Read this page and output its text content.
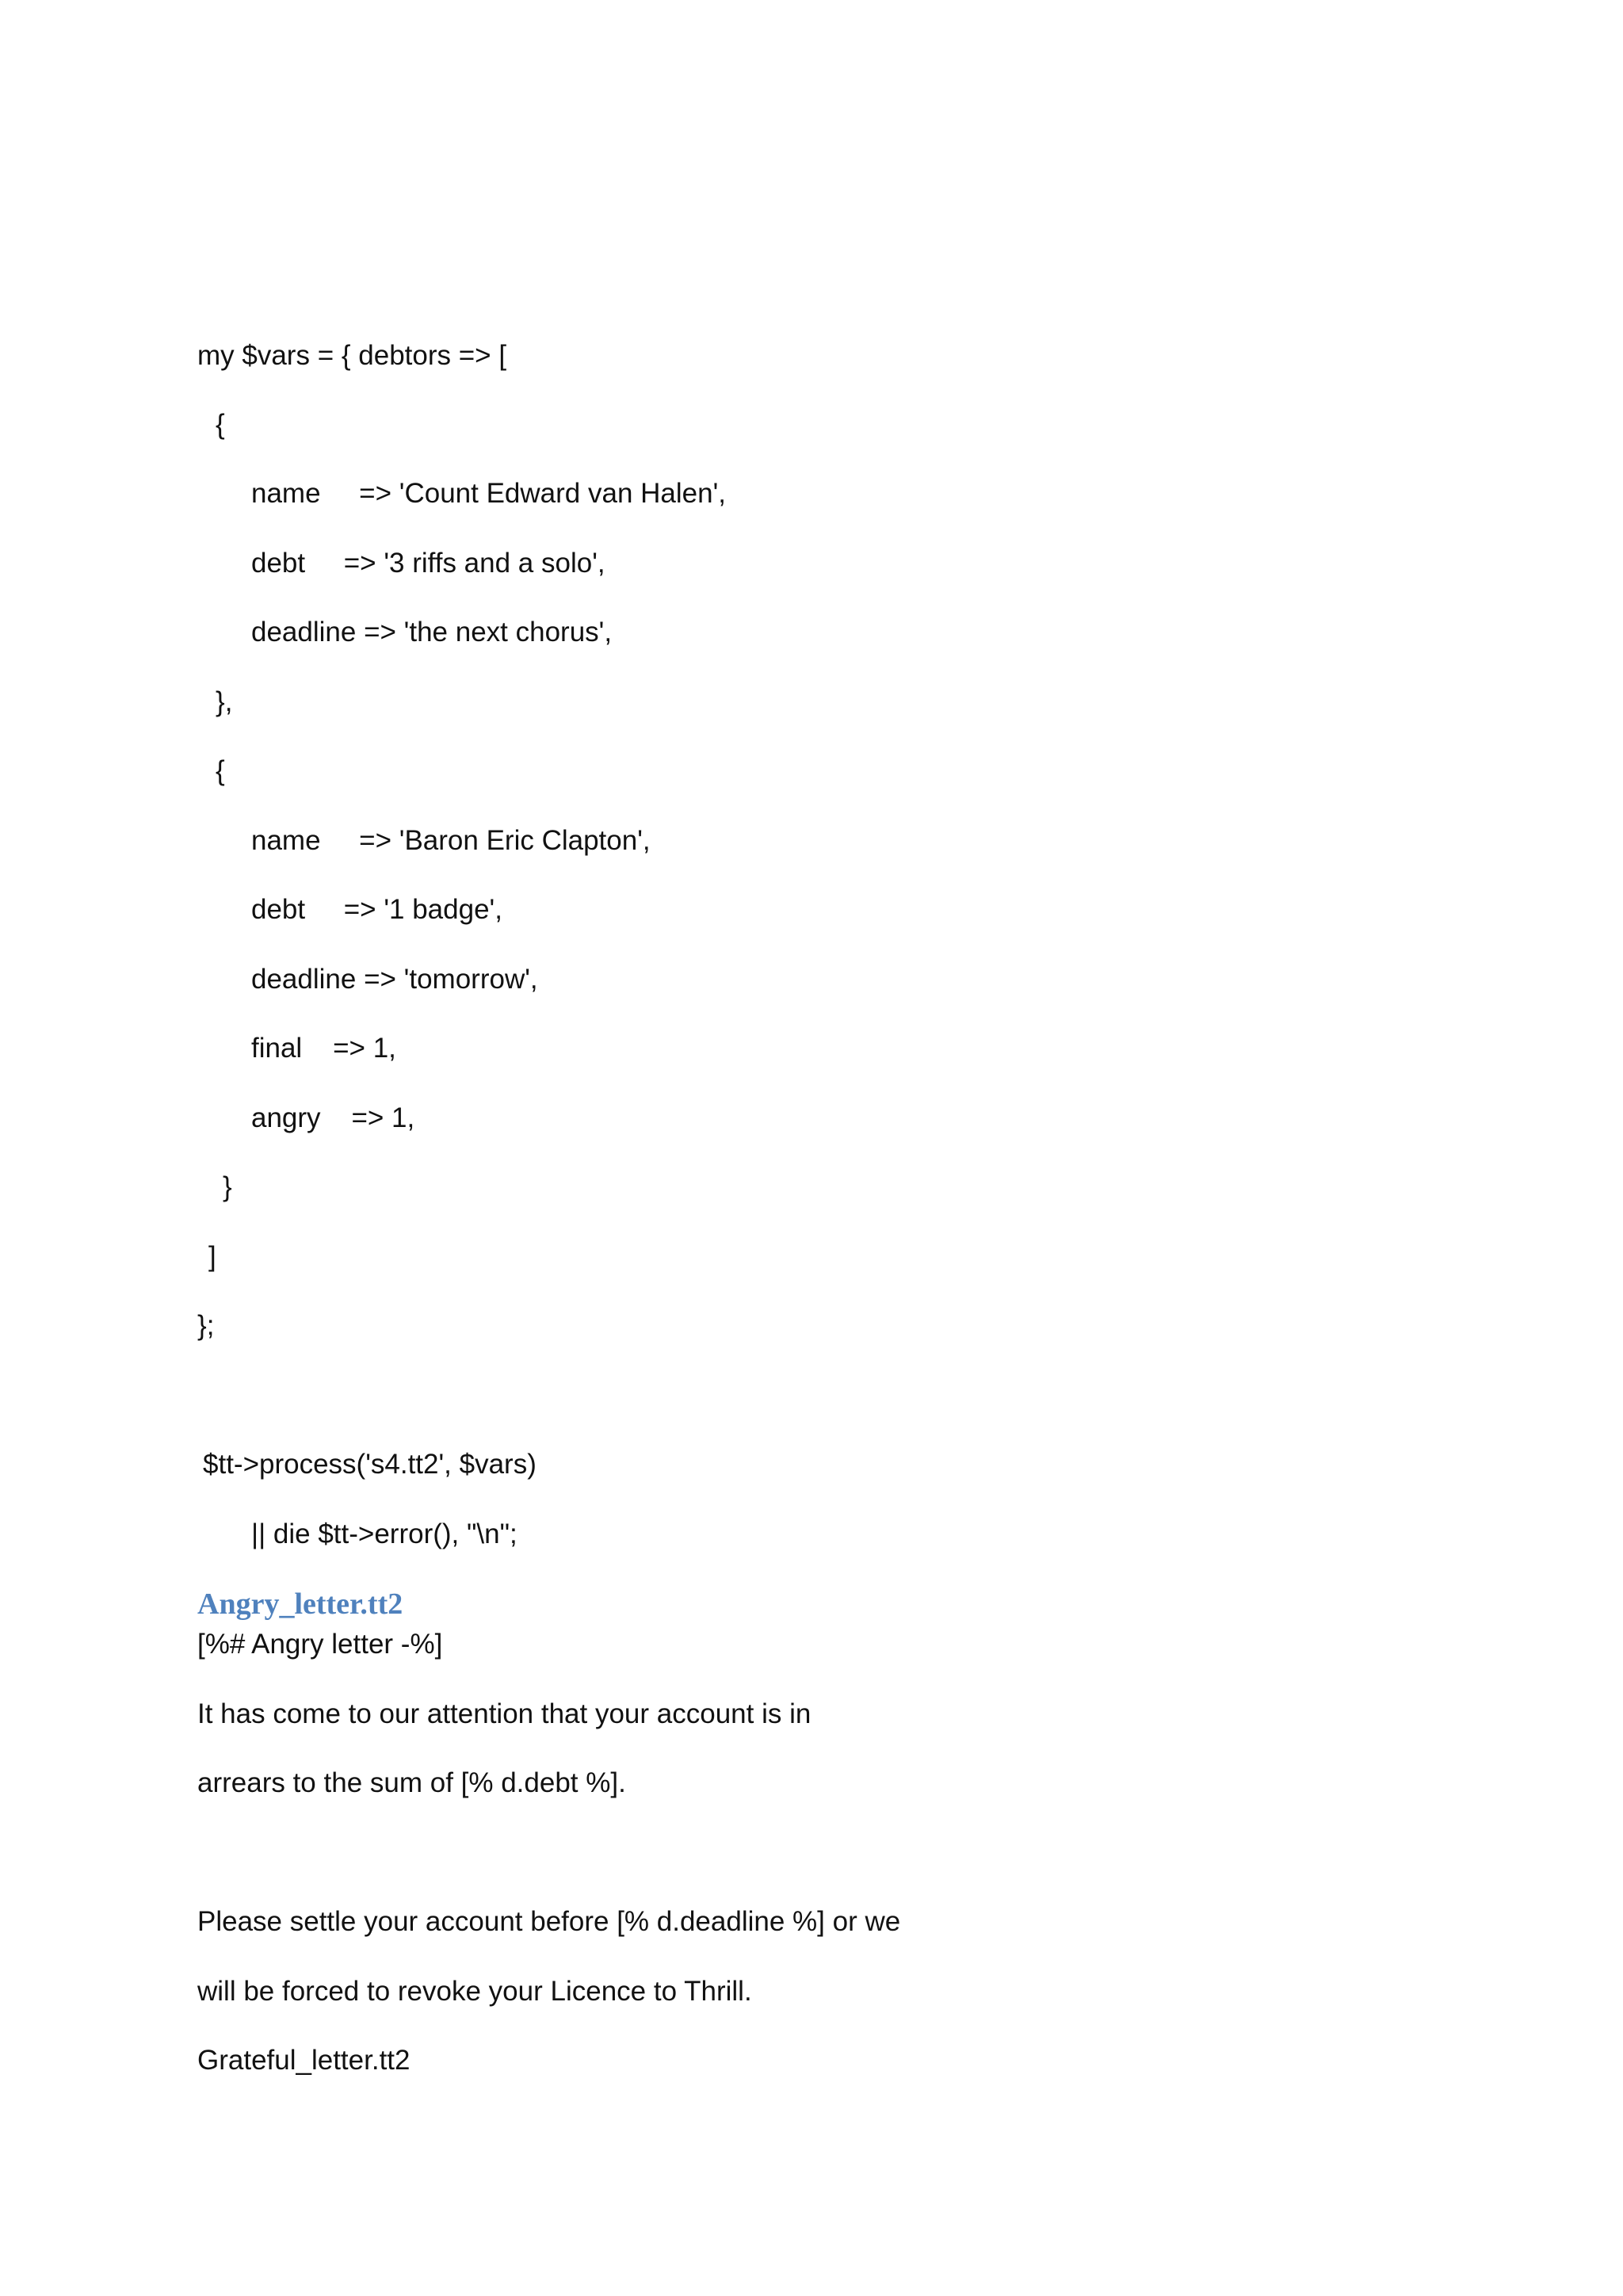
my $vars = { debtors => [
{
name     => 'Count Edward van Halen',
debt     => '3 riffs and a solo',
deadline => 'the next chorus',
},
{
name     => 'Baron Eric Clapton',
debt     => '1 badge',
deadline => 'tomorrow',
final    => 1,
angry    => 1,
}
]
};
$tt->process('s4.tt2', $vars)
|| die $tt->error(), "\n";
Angry_letter.tt2
[%# Angry letter -%]
It has come to our attention that your account is in
arrears to the sum of [% d.debt %].
Please settle your account before [% d.deadline %] or we
will be forced to revoke your Licence to Thrill.
Grateful_letter.tt2
